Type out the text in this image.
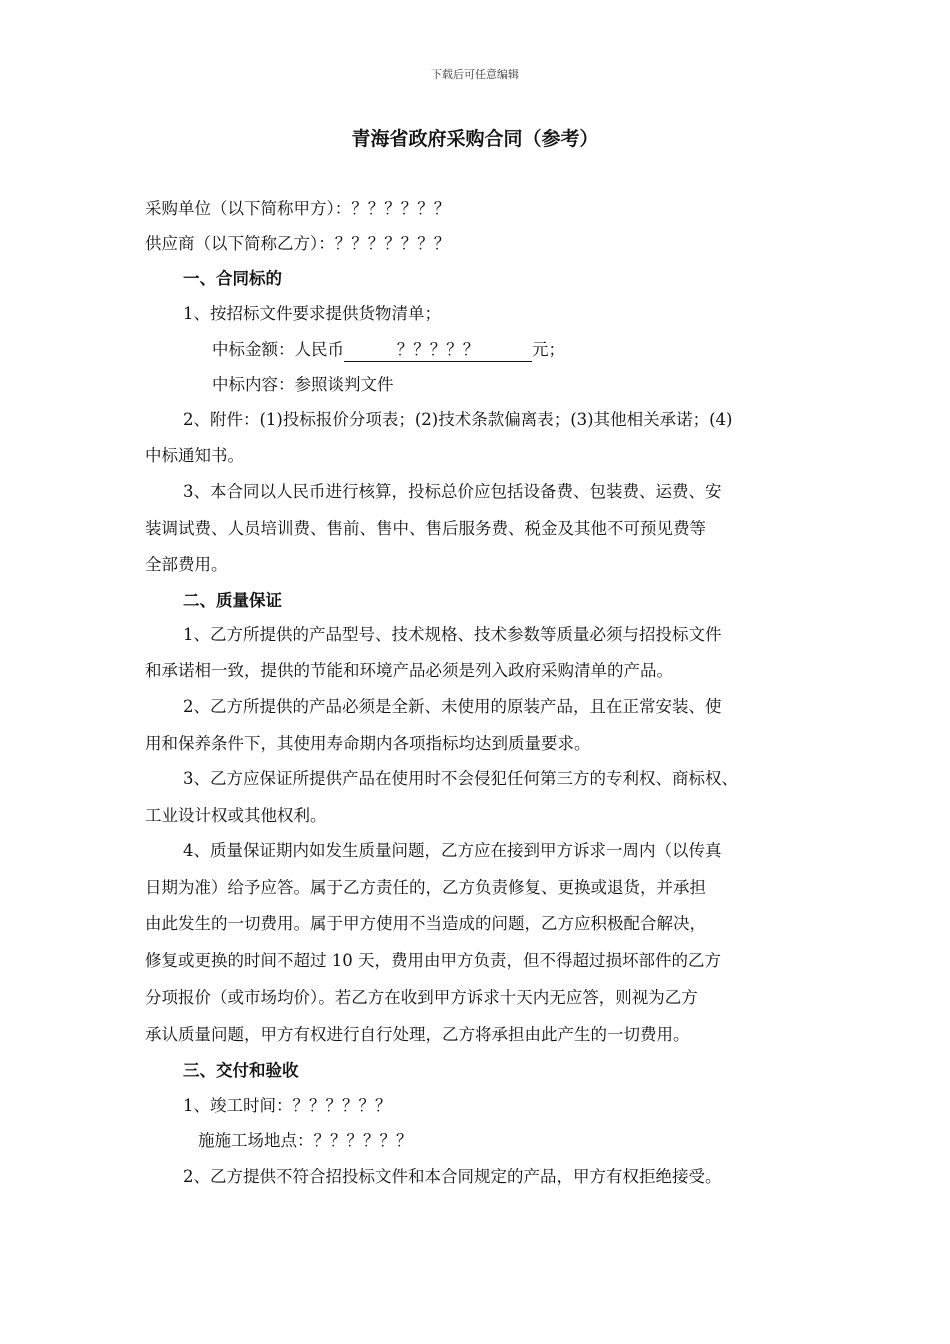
下载后可任意编辑
青海省政府采购合同（参考）
采购单位（以下简称甲方）：？？？？？？
供应商（以下简称乙方）：？？？？？？？
一、合同标的
1、按招标文件要求提供货物清单；
中标金额：人民币	？？？？？	元；
中标内容：参照谈判文件
2、附件：(1)投标报价分项表；(2)技术条款偏离表；(3)其他相关承诺；(4)
中标通知书。
3、本合同以人民币进行核算，投标总价应包括设备费、包装费、运费、安
装调试费、人员培训费、售前、售中、售后服务费、税金及其他不可预见费等
全部费用。
二、质量保证
1、乙方所提供的产品型号、技术规格、技术参数等质量必须与招投标文件
和承诺相一致，提供的节能和环境产品必须是列入政府采购清单的产品。
2、乙方所提供的产品必须是全新、未使用的原装产品，且在正常安装、使
用和保养条件下，其使用寿命期内各项指标均达到质量要求。
3、乙方应保证所提供产品在使用时不会侵犯任何第三方的专利权、商标权、
工业设计权或其他权利。
4、质量保证期内如发生质量问题，乙方应在接到甲方诉求一周内（以传真
日期为准）给予应答。属于乙方责任的，乙方负责修复、更换或退货，并承担
由此发生的一切费用。属于甲方使用不当造成的问题，乙方应积极配合解决，
修复或更换的时间不超过 10 天，费用由甲方负责，但不得超过损坏部件的乙方
分项报价（或市场均价）。若乙方在收到甲方诉求十天内无应答，则视为乙方
承认质量问题，甲方有权进行自行处理，乙方将承担由此产生的一切费用。
三、交付和验收
1、竣工时间：？？？？？？
施施工场地点：？？？？？？
2、乙方提供不符合招投标文件和本合同规定的产品，甲方有权拒绝接受。
